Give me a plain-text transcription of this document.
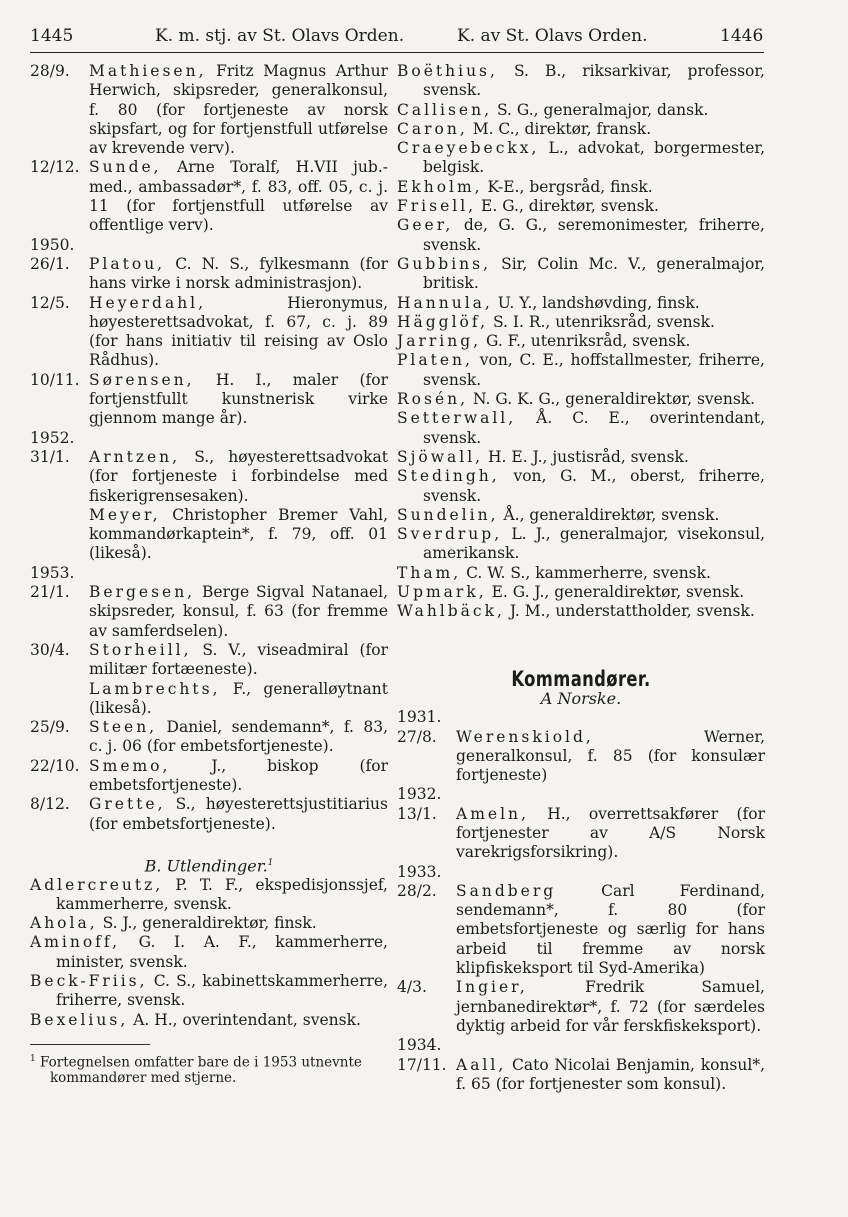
1445	K. m. stj. av St. Olavs Orden.	K. av St. Olavs Orden.	1446
28/9. Mathiesen, Fritz Magnus Arthur Herwich, skipsreder, generalkonsul, f. 80 (for fortjeneste av norsk skipsfart, og for fortjenstfull utførelse av krevende verv).
12/12. Sunde, Arne Toralf, H.VII jub.-med., ambassadør*, f. 83, off. 05, c. j. 11 (for fortjenstfull utførelse av offentlige verv).
1950.
26/1. Platou, C. N. S., fylkesmann (for hans virke i norsk administrasjon).
12/5. Heyerdahl, Hieronymus, høyesterettsadvokat, f. 67, c. j. 89 (for hans initiativ til reising av Oslo Rådhus).
10/11. Sørensen, H. I., maler (for fortjenstfullt kunstnerisk virke gjennom mange år).
1952.
31/1. Arntzen, S., høyesterettsadvokat (for fortjeneste i forbindelse med fiskerigrensesaken).
Meyer, Christopher Bremer Vahl, kommandørkaptein*, f. 79, off. 01 (likeså).
1953.
21/1. Bergesen, Berge Sigval Natanael, skipsreder, konsul, f. 63 (for fremme av samferdselen).
30/4. Storheill, S. V., viseadmiral (for militær fortæeneste).
Lambrechts, F., generalløytnant (likeså).
25/9. Steen, Daniel, sendemann*, f. 83, c. j. 06 (for embetsfortjeneste).
22/10. Smemo, J., biskop (for embetsfortjeneste).
8/12. Grette, S., høyesterettsjustitiarius (for embetsfortjeneste).
B. Utlendinger.$^1$
Adlercreutz, P. T. F., ekspedisjonssjef, kammerherre, svensk.
Ahola, S. J., generaldirektør, finsk.
Aminoff, G. I. A. F., kammerherre, minister, svensk.
Beck-Friis, C. S., kabinettskammerherre, friherre, svensk.
Bexelius, A. H., overintendant, svensk.
$^1$ Fortegnelsen omfatter bare de i 1953 utnevnte kommandører med stjerne.
Boëthius, S. B., riksarkivar, professor, svensk.
Callisen, S. G., generalmajor, dansk.
Caron, M. C., direktør, fransk.
Craeyebeckx, L., advokat, borgermester, belgisk.
Ekholm, K-E., bergsråd, finsk.
Frisell, E. G., direktør, svensk.
Geer, de, G. G., seremonimester, friherre, svensk.
Gubbins, Sir, Colin Mc. V., generalmajor, britisk.
Hannula, U. Y., landshøvding, finsk.
Hägglöf, S. I. R., utenriksråd, svensk.
Jarring, G. F., utenriksråd, svensk.
Platen, von, C. E., hoffstallmester, friherre, svensk.
Rosén, N. G. K. G., generaldirektør, svensk.
Setterwall, Å. C. E., overintendant, svensk.
Sjöwall, H. E. J., justisråd, svensk.
Stedingh, von, G. M., oberst, friherre, svensk.
Sundelin, Å., generaldirektør, svensk.
Sverdrup, L. J., generalmajor, visekonsul, amerikansk.
Tham, C. W. S., kammerherre, svensk.
Upmark, E. G. J., generaldirektør, svensk.
Wahlbäck, J. M., understattholder, svensk.
Kommandører.
A Norske.
1931.
27/8. Werenskiold, Werner, generalkonsul, f. 85 (for konsulær fortjeneste)
1932.
13/1. Ameln, H., overrettsakfører (for fortjenester av A/S Norsk varekrigsforsikring).
1933.
28/2. Sandberg Carl Ferdinand, sendemann*, f. 80 (for embetsfortjeneste og særlig for hans arbeid til fremme av norsk klipfiskeksport til Syd-Amerika)
4/3. Ingier, Fredrik Samuel, jernbanedirektør*, f. 72 (for særdeles dyktig arbeid for vår ferskfiskeksport).
1934.
17/11. Aall, Cato Nicolai Benjamin, konsul*, f. 65 (for fortjenester som konsul).
